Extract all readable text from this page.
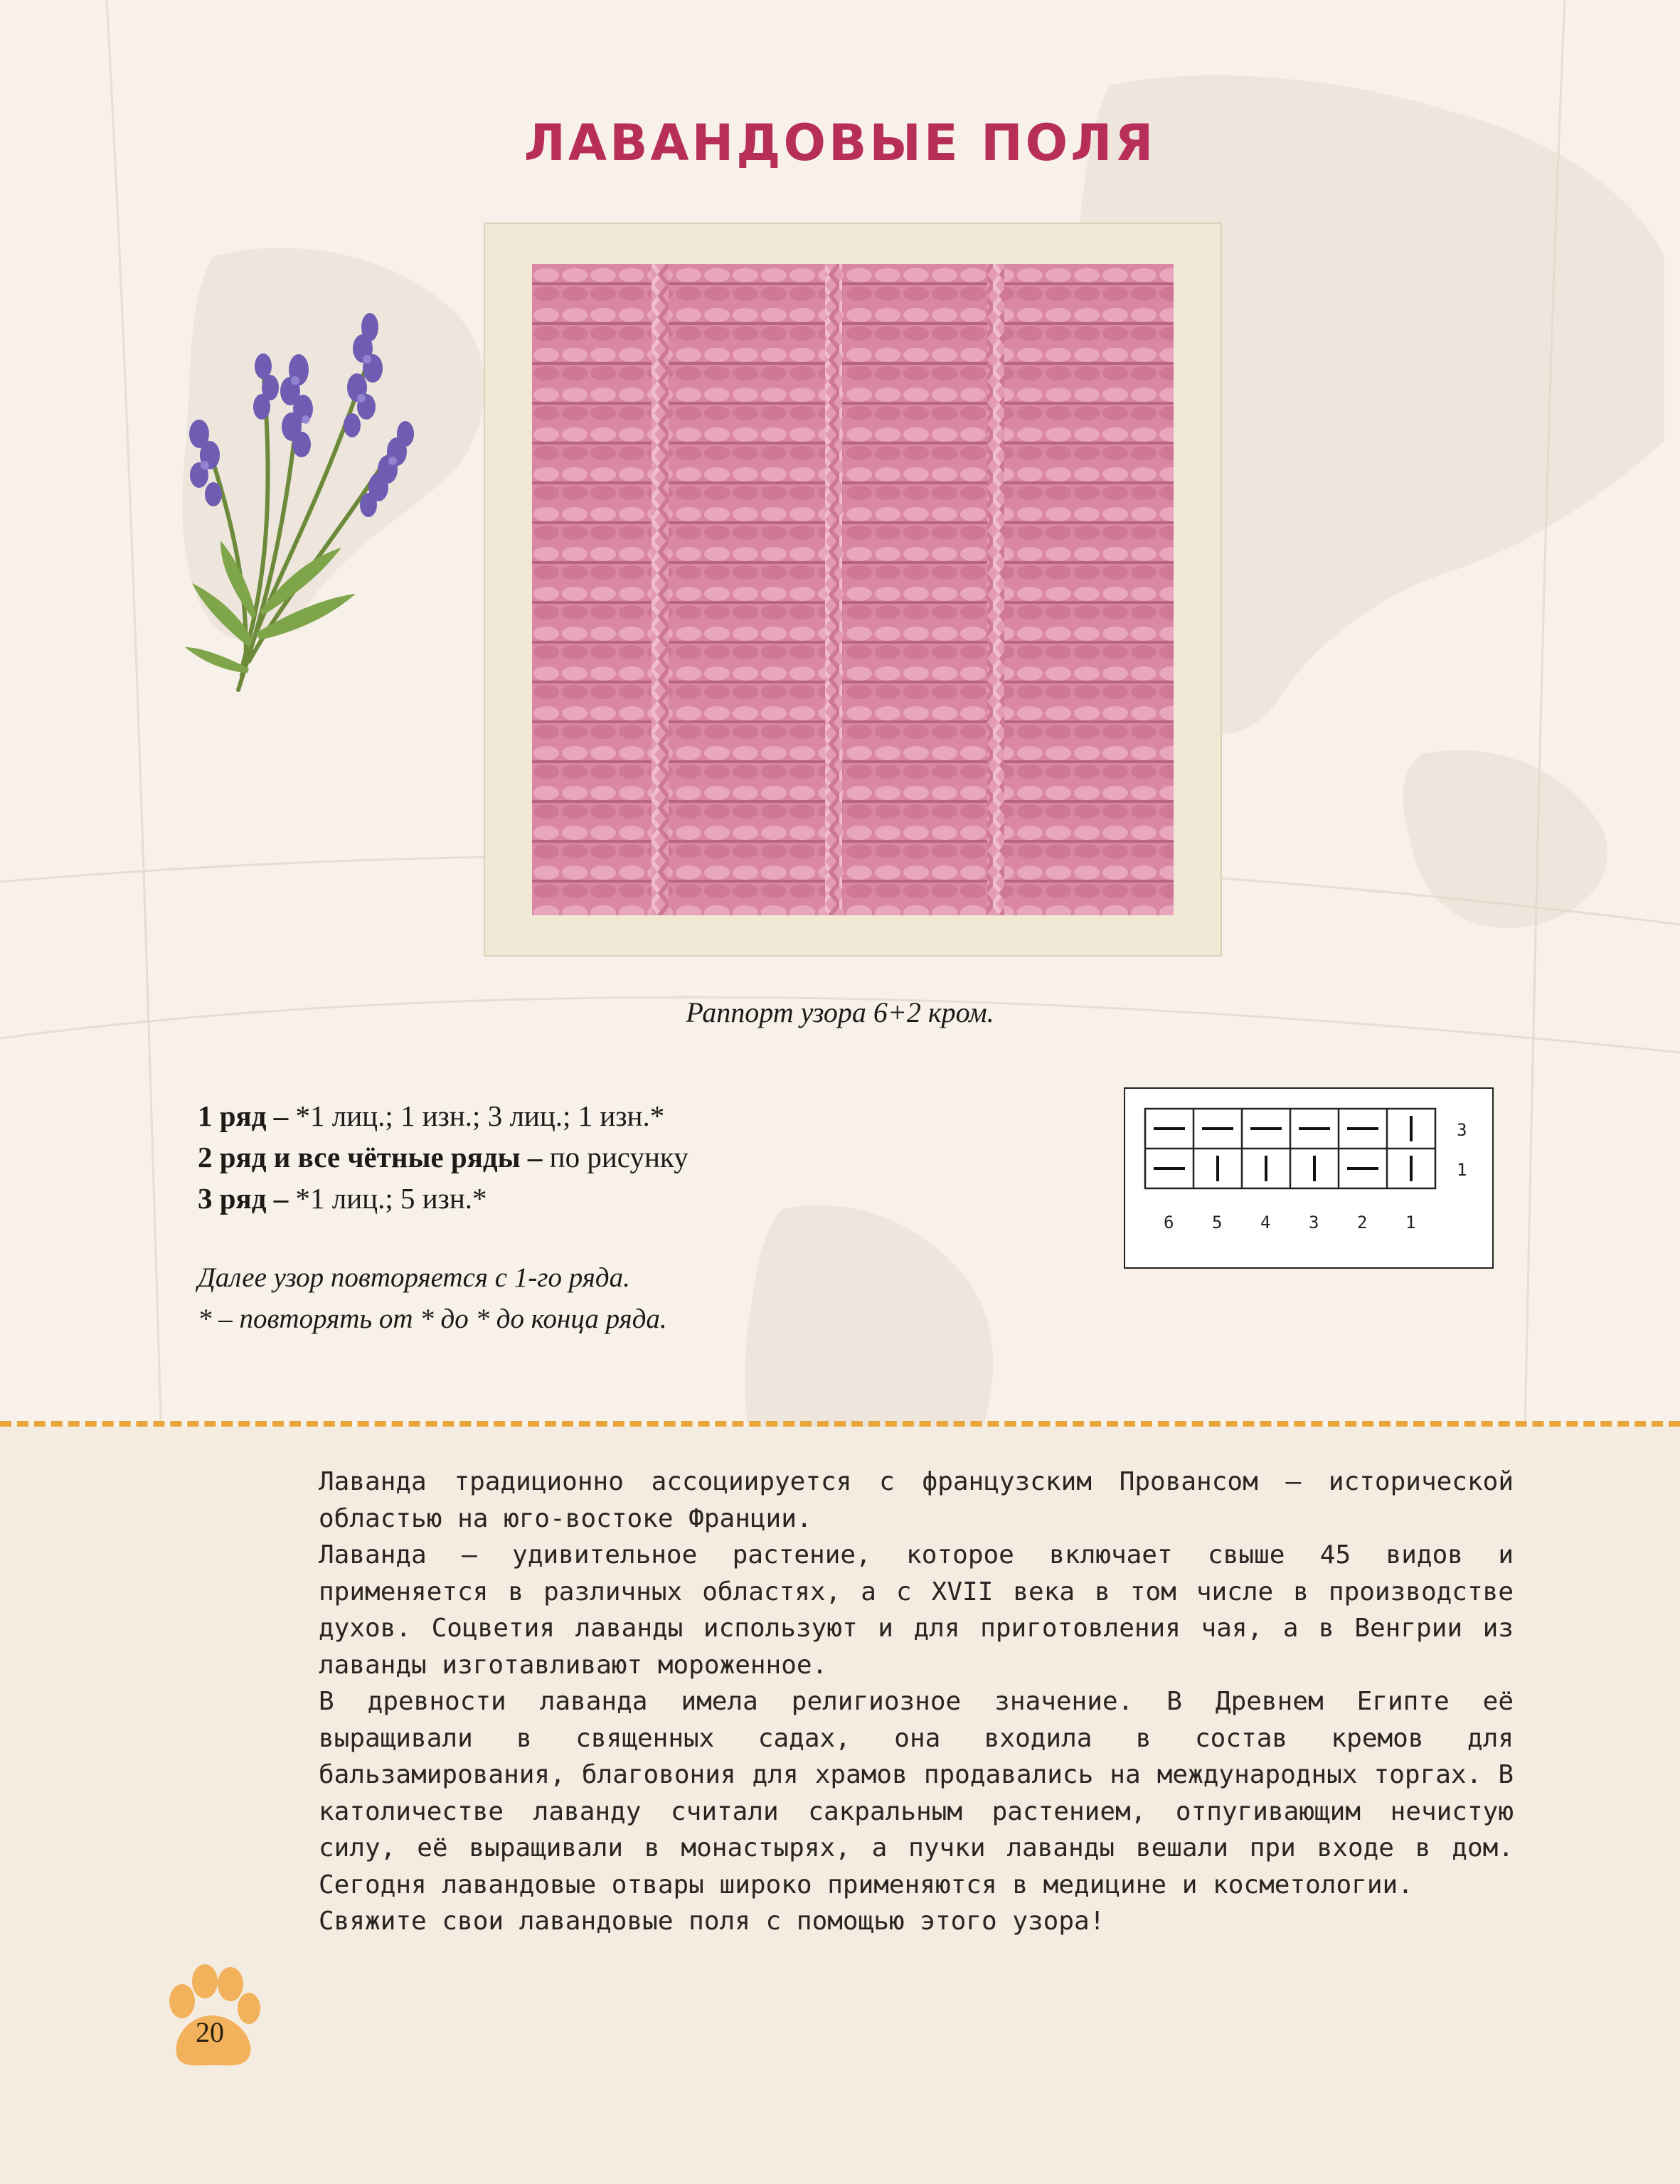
ЛАВАНДОВЫЕ ПОЛЯ
Раппорт узора 6+2 кром.
1 ряд – *1 лиц.; 1 изн.; 3 лиц.; 1 изн.*
2 ряд и все чётные ряды – по рисунку
3 ряд – *1 лиц.; 5 изн.*
Далее узор повторяется с 1-го ряда.
* – повторять от * до * до конца ряда.
3
1
6 5 4 3 2 1

Лаванда традиционно ассоциируется с французским Провансом – исторической областью на юго-востоке Франции.

Лаванда – удивительное растение, которое включает свыше 45 видов и применяется в различных областях, а с XVII века в том числе в производстве духов. Соцветия лаванды используют и для приготовления чая, а в Венгрии из лаванды изготавливают мороженное.

В древности лаванда имела религиозное значение. В Древнем Египте её выращивали в священных садах, она входила в состав кремов для бальзамирования, благовония для храмов продавались на международных торгах. В католичестве лаванду считали сакральным растением, отпугивающим нечистую силу, её выращивали в монастырях, а пучки лаванды вешали при входе в дом. Сегодня лавандовые отвары широко применяются в медицине и косметологии.

Свяжите свои лавандовые поля с помощью этого узора!

20
